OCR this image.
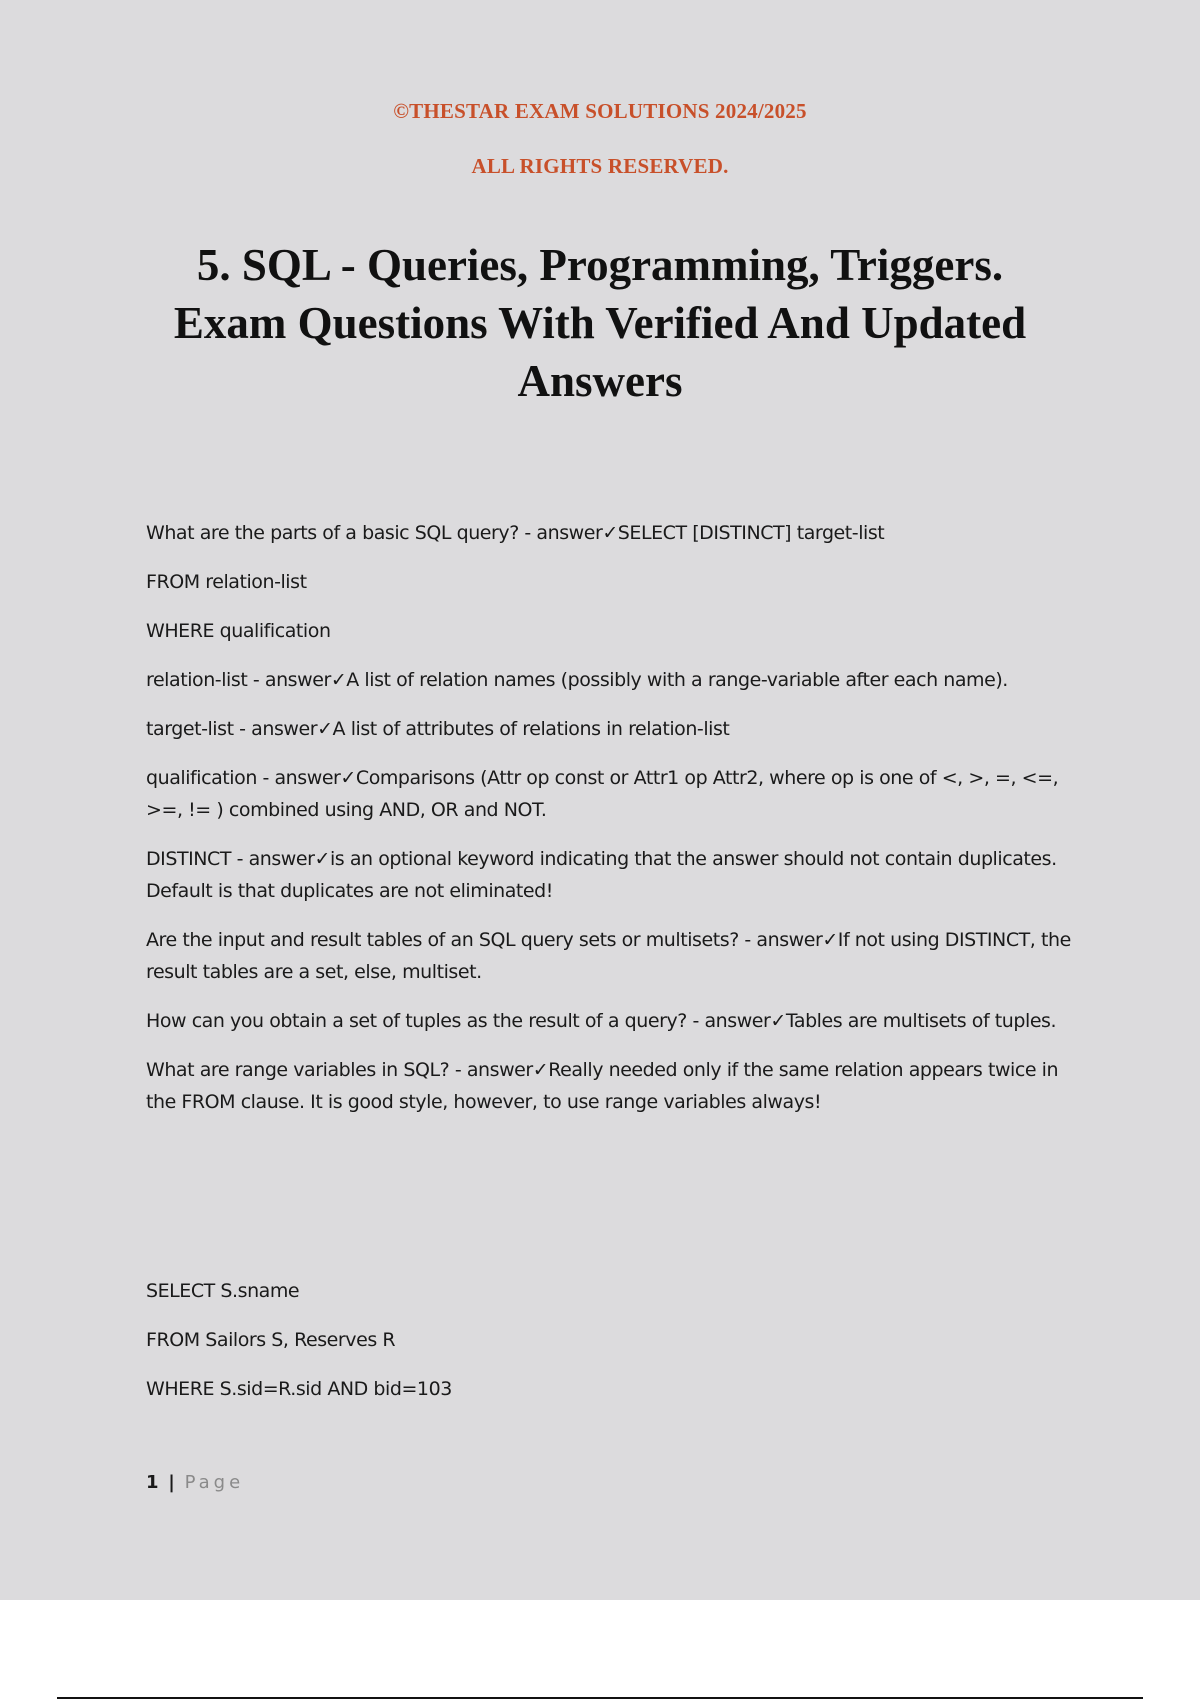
©THESTAR EXAM SOLUTIONS 2024/2025

ALL RIGHTS RESERVED.

5. SQL - Queries, Programming, Triggers.
Exam Questions With Verified And Updated
Answers

What are the parts of a basic SQL query? - answer✓SELECT [DISTINCT] target-list

FROM relation-list

WHERE qualification

relation-list - answer✓A list of relation names (possibly with a range-variable after each name).

target-list - answer✓A list of attributes of relations in relation-list

qualification - answer✓Comparisons (Attr op const or Attr1 op Attr2, where op is one of <, >, =, <=, >=, != ) combined using AND, OR and NOT.

DISTINCT - answer✓is an optional keyword indicating that the answer should not contain duplicates. Default is that duplicates are not eliminated!

Are the input and result tables of an SQL query sets or multisets? - answer✓If not using DISTINCT, the result tables are a set, else, multiset.

How can you obtain a set of tuples as the result of a query? - answer✓Tables are multisets of tuples.

What are range variables in SQL? - answer✓Really needed only if the same relation appears twice in the FROM clause. It is good style, however, to use range variables always!

SELECT S.sname

FROM Sailors S, Reserves R

WHERE S.sid=R.sid AND bid=103

1 | Page
